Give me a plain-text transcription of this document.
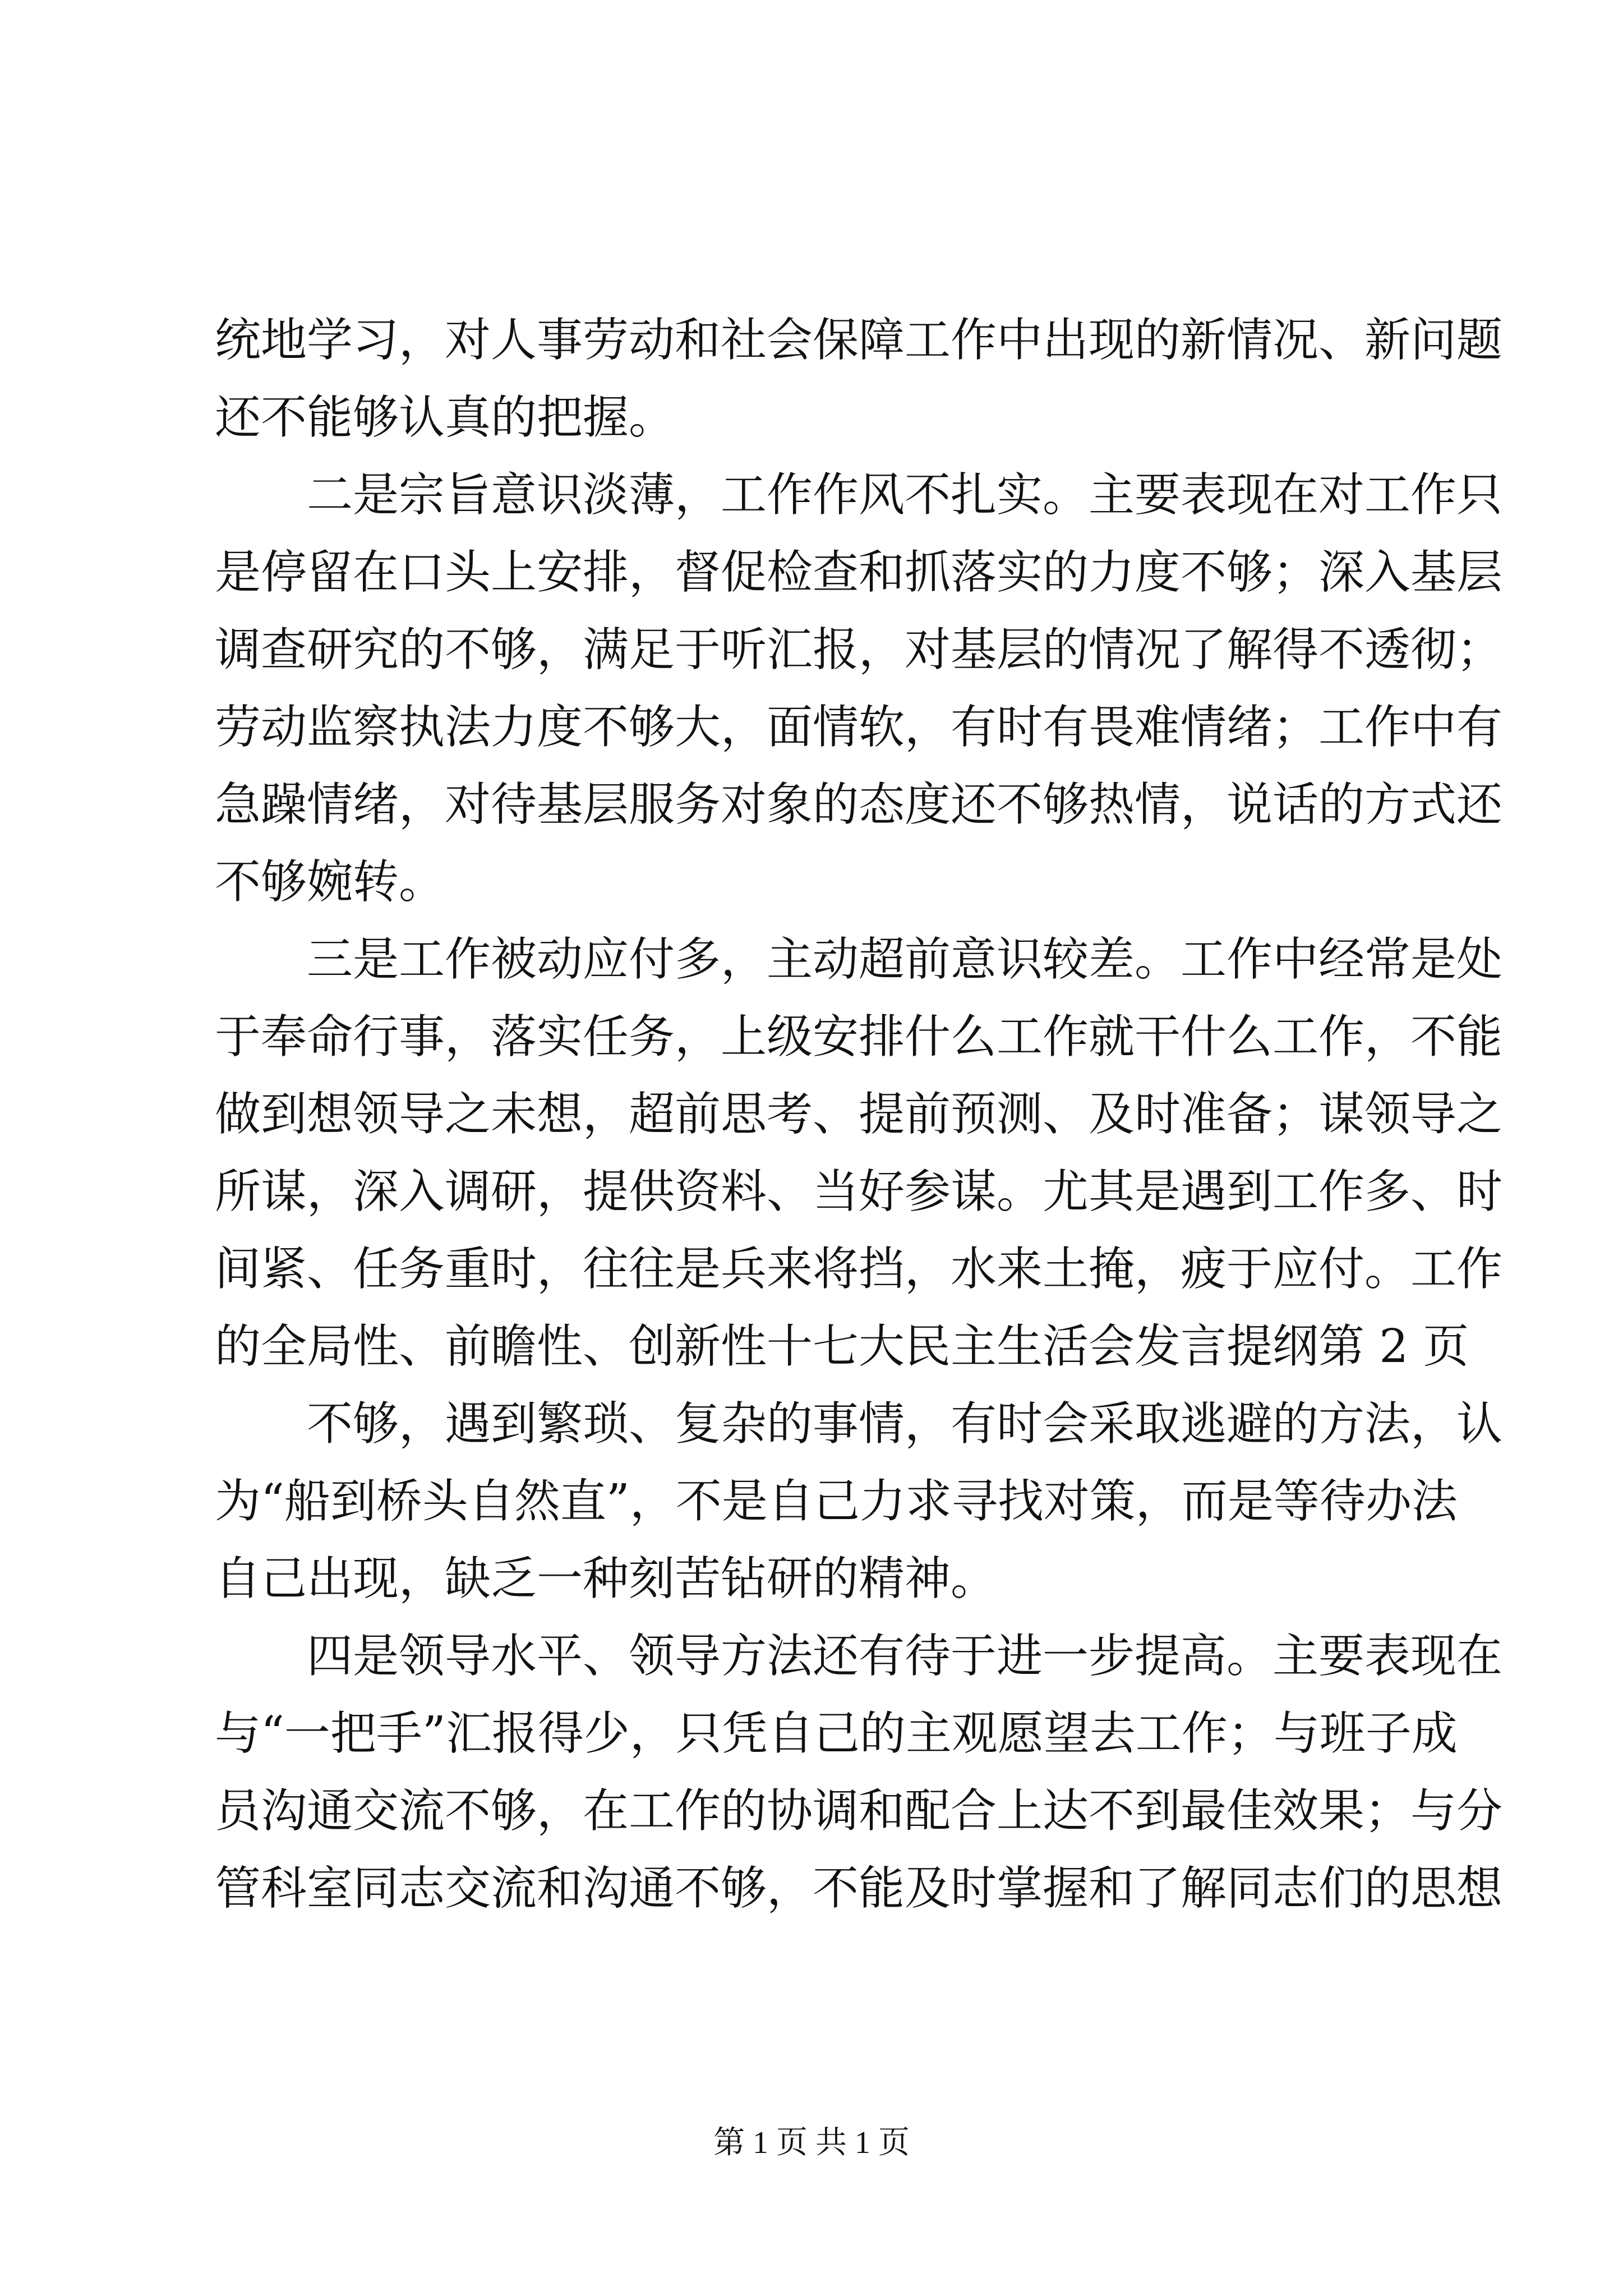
统地学习，对人事劳动和社会保障工作中出现的新情况、新问题
还不能够认真的把握。
二是宗旨意识淡薄，工作作风不扎实。主要表现在对工作只
是停留在口头上安排，督促检查和抓落实的力度不够；深入基层
调查研究的不够，满足于听汇报，对基层的情况了解得不透彻；
劳动监察执法力度不够大，面情软，有时有畏难情绪；工作中有
急躁情绪，对待基层服务对象的态度还不够热情，说话的方式还
不够婉转。
三是工作被动应付多，主动超前意识较差。工作中经常是处
于奉命行事，落实任务，上级安排什么工作就干什么工作，不能
做到想领导之未想，超前思考、提前预测、及时准备；谋领导之
所谋，深入调研，提供资料、当好参谋。尤其是遇到工作多、时
间紧、任务重时，往往是兵来将挡，水来土掩，疲于应付。工作
的全局性、前瞻性、创新性十七大民主生活会发言提纲第 2 页
不够，遇到繁琐、复杂的事情，有时会采取逃避的方法，认
为“船到桥头自然直”，不是自己力求寻找对策，而是等待办法
自己出现，缺乏一种刻苦钻研的精神。
四是领导水平、领导方法还有待于进一步提高。主要表现在
与“一把手”汇报得少，只凭自己的主观愿望去工作；与班子成
员沟通交流不够，在工作的协调和配合上达不到最佳效果；与分
管科室同志交流和沟通不够，不能及时掌握和了解同志们的思想
第 1 页 共 1 页
